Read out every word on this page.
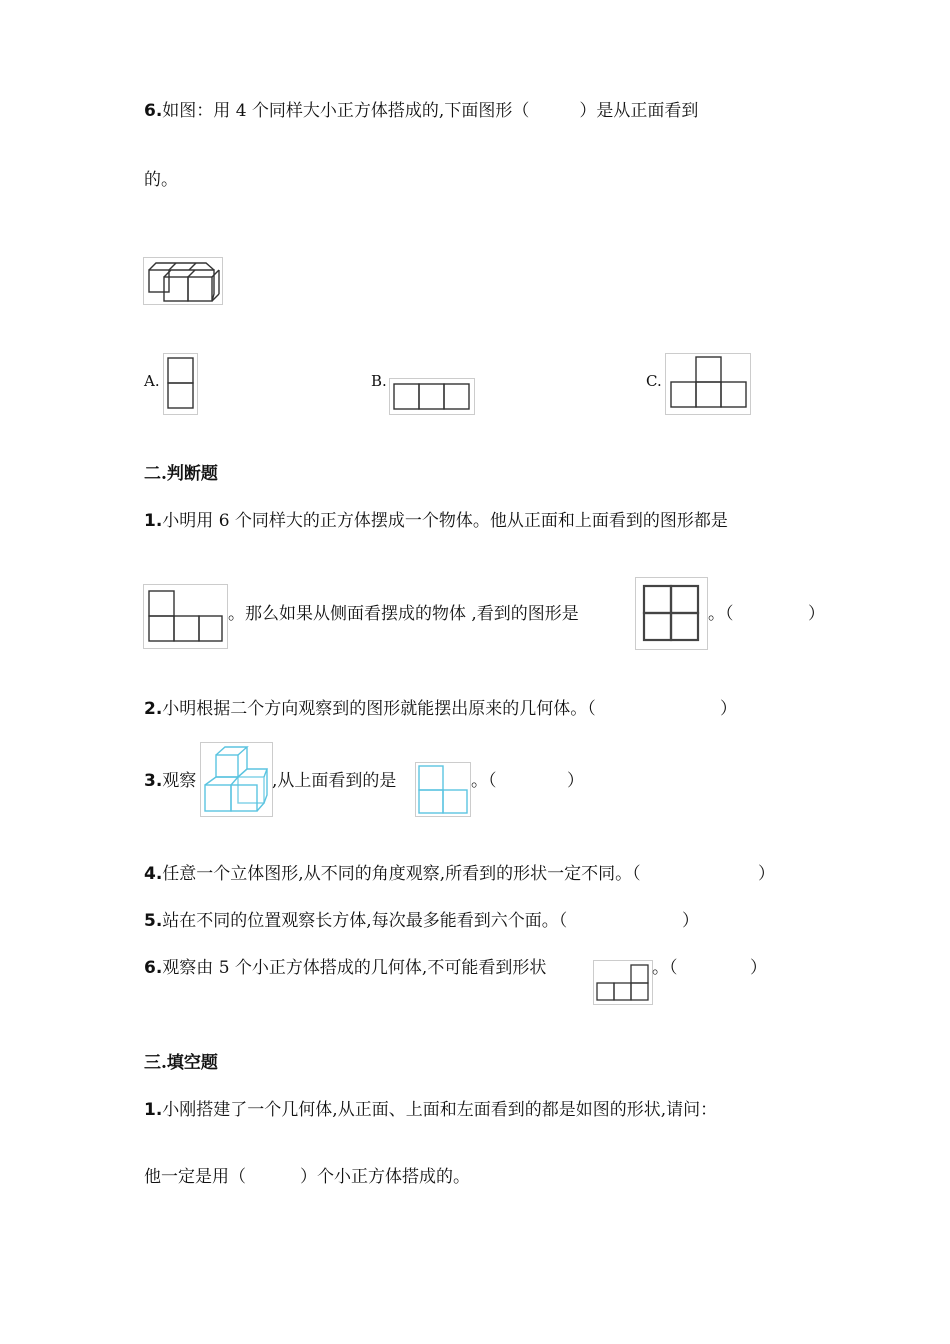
6.如图：用 4 个同样大小正方体搭成的,下面图形（	）是从正面看到
的。
A.	B.	C.
二.判断题
1.小明用 6 个同样大的正方体摆成一个物体。他从正面和上面看到的图形都是
。那么如果从侧面看摆成的物体 ,看到的图形是	。（	）
2.小明根据二个方向观察到的图形就能摆出原来的几何体。（	）
3.观察	,从上面看到的是	。（	）
4.任意一个立体图形,从不同的角度观察,所看到的形状一定不同。（	）
5.站在不同的位置观察长方体,每次最多能看到六个面。（	）
6.观察由 5 个小正方体搭成的几何体,不可能看到形状	。（	）
三.填空题
1.小刚搭建了一个几何体,从正面、上面和左面看到的都是如图的形状,请问：
他一定是用（	）个小正方体搭成的。
